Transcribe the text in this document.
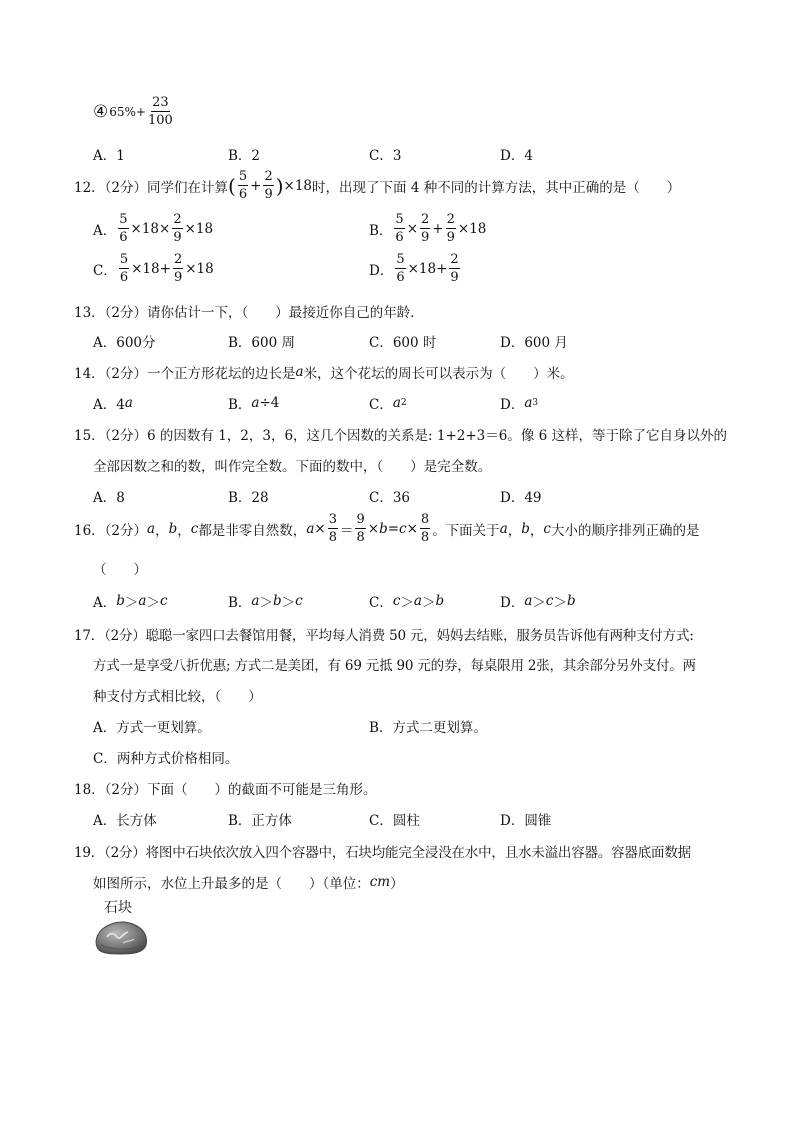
④ $65\%+ \frac{23}{100}$
A．1	B．2	C．3	D．4
12．（2分）同学们在计算 ( $\frac{5}{6} + \frac{2}{9}$ ) ×18 时，出现了下面 4 种不同的计算方法，其中正确的是（　　）
A． $\frac{5}{6} \times 18\times \frac{2}{9} \times 18$	B． $\frac{5}{6} \times \frac{2}{9} + \frac{2}{9} \times 18$
C． $\frac{5}{6} \times 18+ \frac{2}{9} \times 18$	D． $\frac{5}{6} \times 18+ \frac{2}{9}$
13．（2分）请你估计一下，（　　）最接近你自己的年龄．
A．600分	B．600 周	C．600 时	D．600 月
14．（2分）一个正方形花坛的边长是 a 米，这个花坛的周长可以表示为（　　）米。
A．4 a	B． a ÷4	C． a 2	D． a 3
15．（2分）6 的因数有 1，2，3，6，这几个因数的关系是: 1+2+3＝6。像 6 这样，等于除了它自身以外的
全部因数之和的数，叫作完全数。下面的数中，（　　）是完全数。
A．8	B．28	C．36	D．49
16．（2分） a ， b ， c 都是非零自然数， $a \times \frac{3}{8} = \frac{9}{8} \times b = c \times \frac{8}{8}$ 。下面关于 a ， b ， c 大小的顺序排列正确的是
（　　）
A． b ＞ a ＞ c	B． a ＞ b ＞ c	C． c ＞ a ＞ b	D． a ＞ c ＞ b
17．（2分）聪聪一家四口去餐馆用餐，平均每人消费 50 元，妈妈去结账，服务员告诉他有两种支付方式:
方式一是享受八折优惠; 方式二是美团，有 69 元抵 90 元的券，每桌限用 2张，其余部分另外支付。两
种支付方式相比较，（　　）
A．方式一更划算。	B．方式二更划算。
C．两种方式价格相同。
18．（2分）下面（　　）的截面不可能是三角形。
A．长方体	B．正方体	C．圆柱	D．圆锥
19．（2分）将图中石块依次放入四个容器中，石块均能完全浸没在水中，且水未溢出容器。容器底面数据
如图所示，水位上升最多的是（　　）（单位： cm ）
石块
